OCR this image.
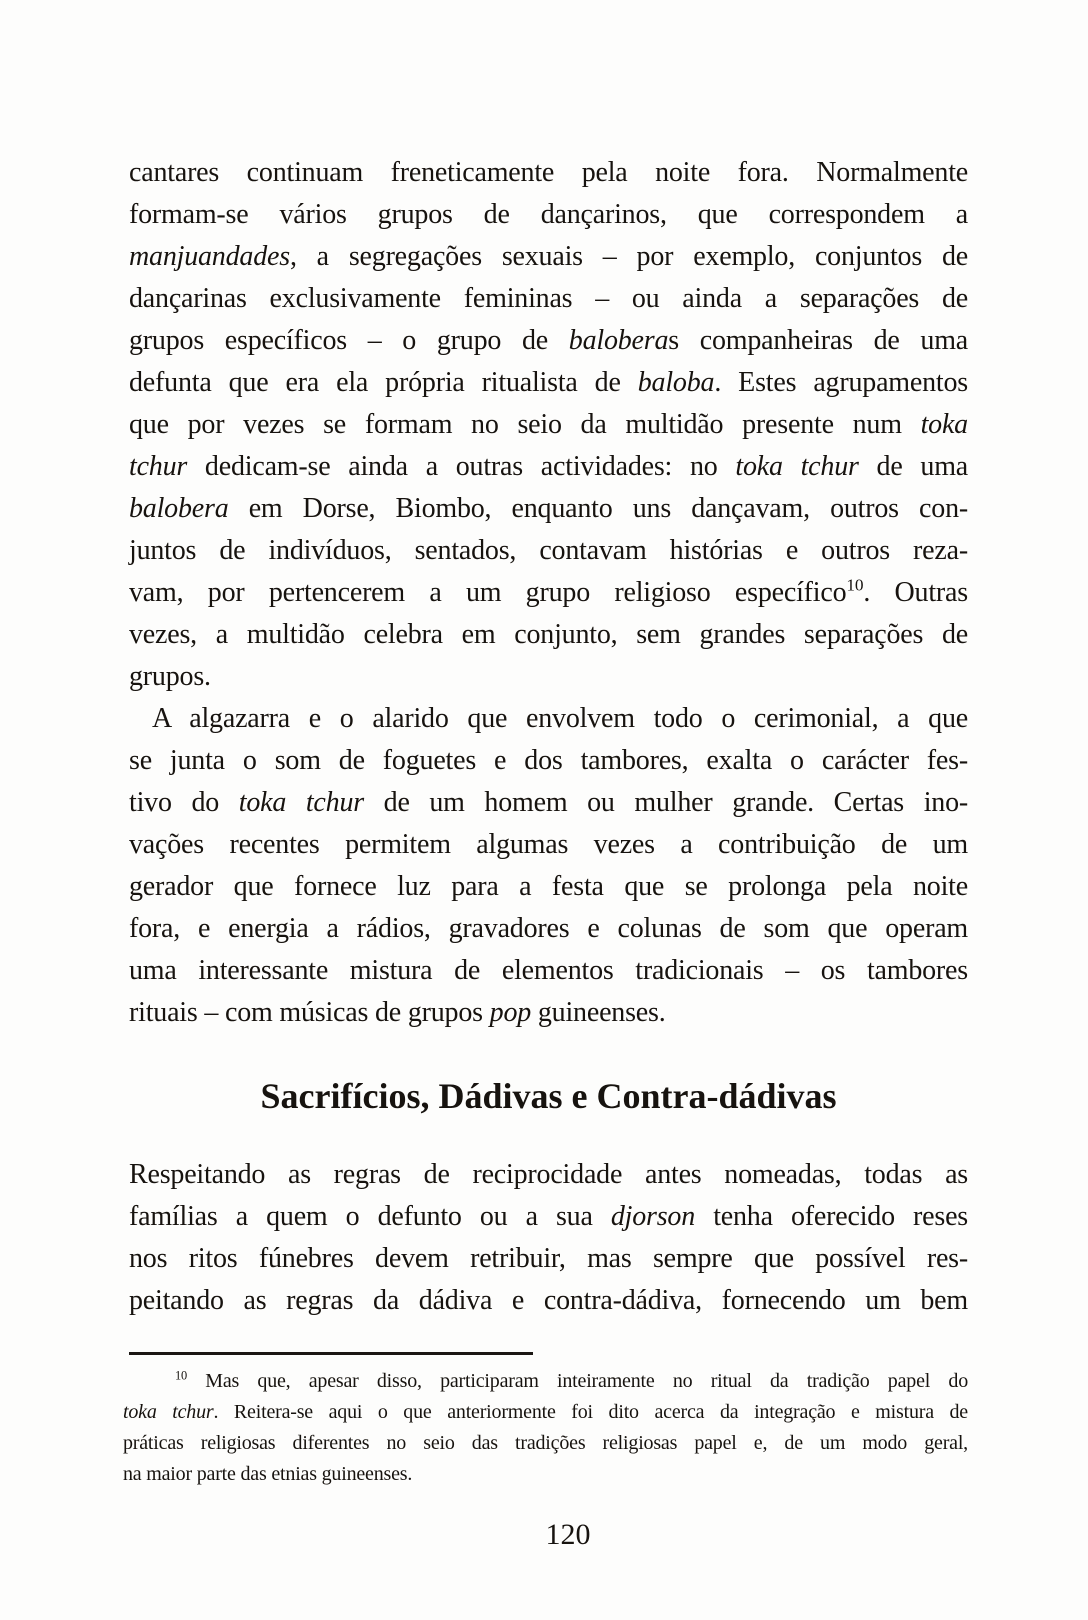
cantares continuam freneticamente pela noite fora. Normalmente
formam-se vários grupos de dançarinos, que correspondem a
manjuandades, a segregações sexuais – por exemplo, conjuntos de
dançarinas exclusivamente femininas – ou ainda a separações de
grupos específicos – o grupo de baloberas companheiras de uma
defunta que era ela própria ritualista de baloba. Estes agrupamentos
que por vezes se formam no seio da multidão presente num toka
tchur dedicam-se ainda a outras actividades: no toka tchur de uma
balobera em Dorse, Biombo, enquanto uns dançavam, outros con-
juntos de indivíduos, sentados, contavam histórias e outros reza-
vam, por pertencerem a um grupo religioso específico$^{10}$. Outras
vezes, a multidão celebra em conjunto, sem grandes separações de
grupos.
A algazarra e o alarido que envolvem todo o cerimonial, a que
se junta o som de foguetes e dos tambores, exalta o carácter fes-
tivo do toka tchur de um homem ou mulher grande. Certas ino-
vações recentes permitem algumas vezes a contribuição de um
gerador que fornece luz para a festa que se prolonga pela noite
fora, e energia a rádios, gravadores e colunas de som que operam
uma interessante mistura de elementos tradicionais – os tambores
rituais – com músicas de grupos pop guineenses.
Sacrifícios, Dádivas e Contra-dádivas
Respeitando as regras de reciprocidade antes nomeadas, todas as
famílias a quem o defunto ou a sua djorson tenha oferecido reses
nos ritos fúnebres devem retribuir, mas sempre que possível res-
peitando as regras da dádiva e contra-dádiva, fornecendo um bem
$^{10}$ Mas que, apesar disso, participaram inteiramente no ritual da tradição papel do
toka tchur. Reitera-se aqui o que anteriormente foi dito acerca da integração e mistura de
práticas religiosas diferentes no seio das tradições religiosas papel e, de um modo geral,
na maior parte das etnias guineenses.
120
